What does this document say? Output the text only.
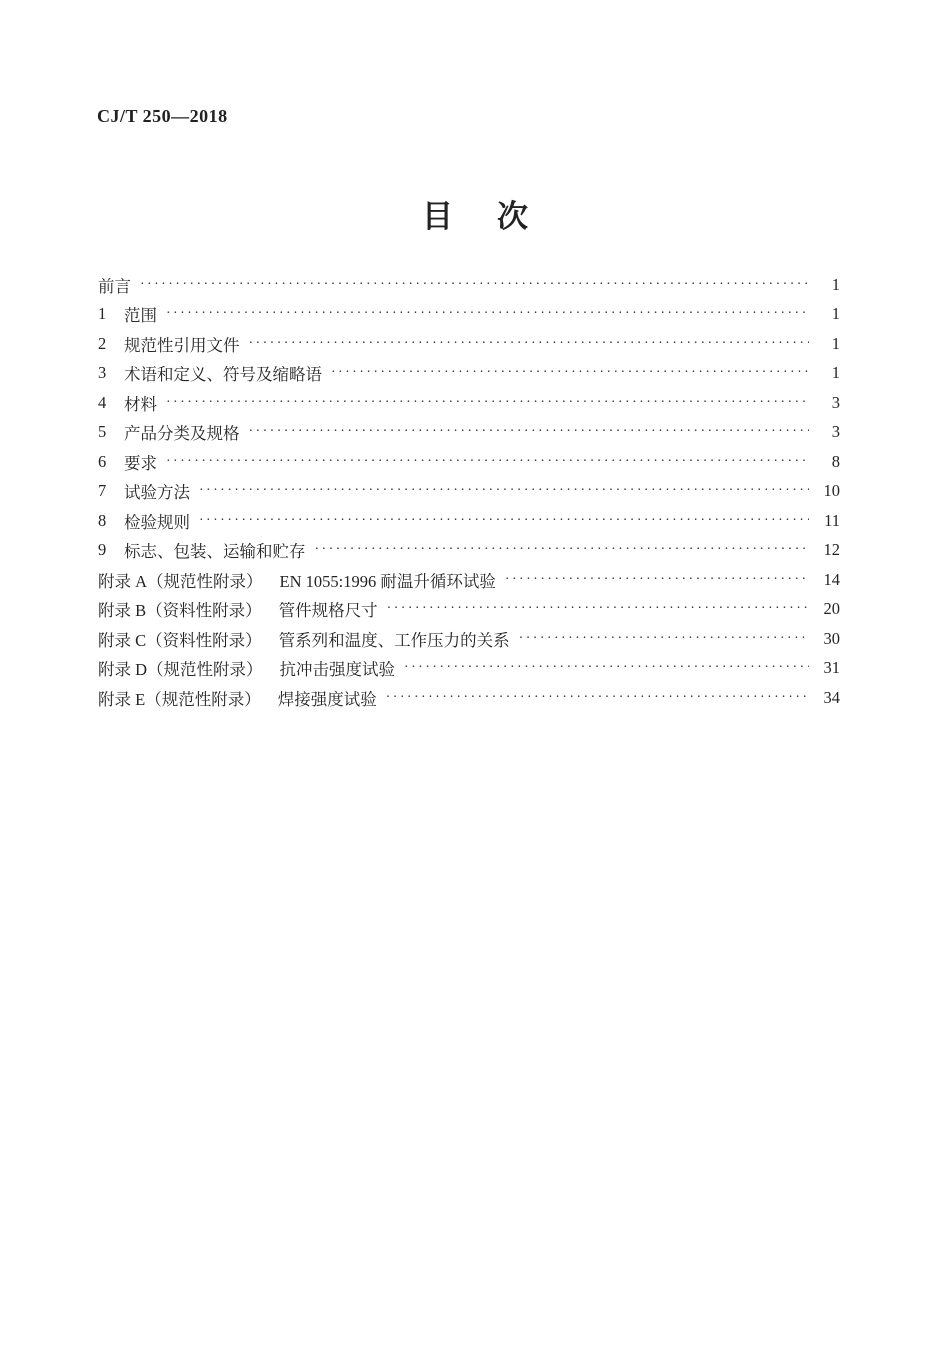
CJ/T 250—2018
目 次
前言 ·····	1
1	范围 ·····	1
2	规范性引用文件 ·····	1
3	术语和定义、符号及缩略语 ·····	1
4	材料 ·····	3
5	产品分类及规格 ·····	3
6	要求 ·····	8
7	试验方法 ·····	10
8	检验规则 ·····	11
9	标志、包装、运输和贮存 ·····	12
附录 A（规范性附录） EN 1055:1996 耐温升循环试验 ·····	14
附录 B（资料性附录） 管件规格尺寸 ·····	20
附录 C（资料性附录） 管系列和温度、工作压力的关系 ·····	30
附录 D（规范性附录） 抗冲击强度试验 ·····	31
附录 E（规范性附录） 焊接强度试验 ·····	34
